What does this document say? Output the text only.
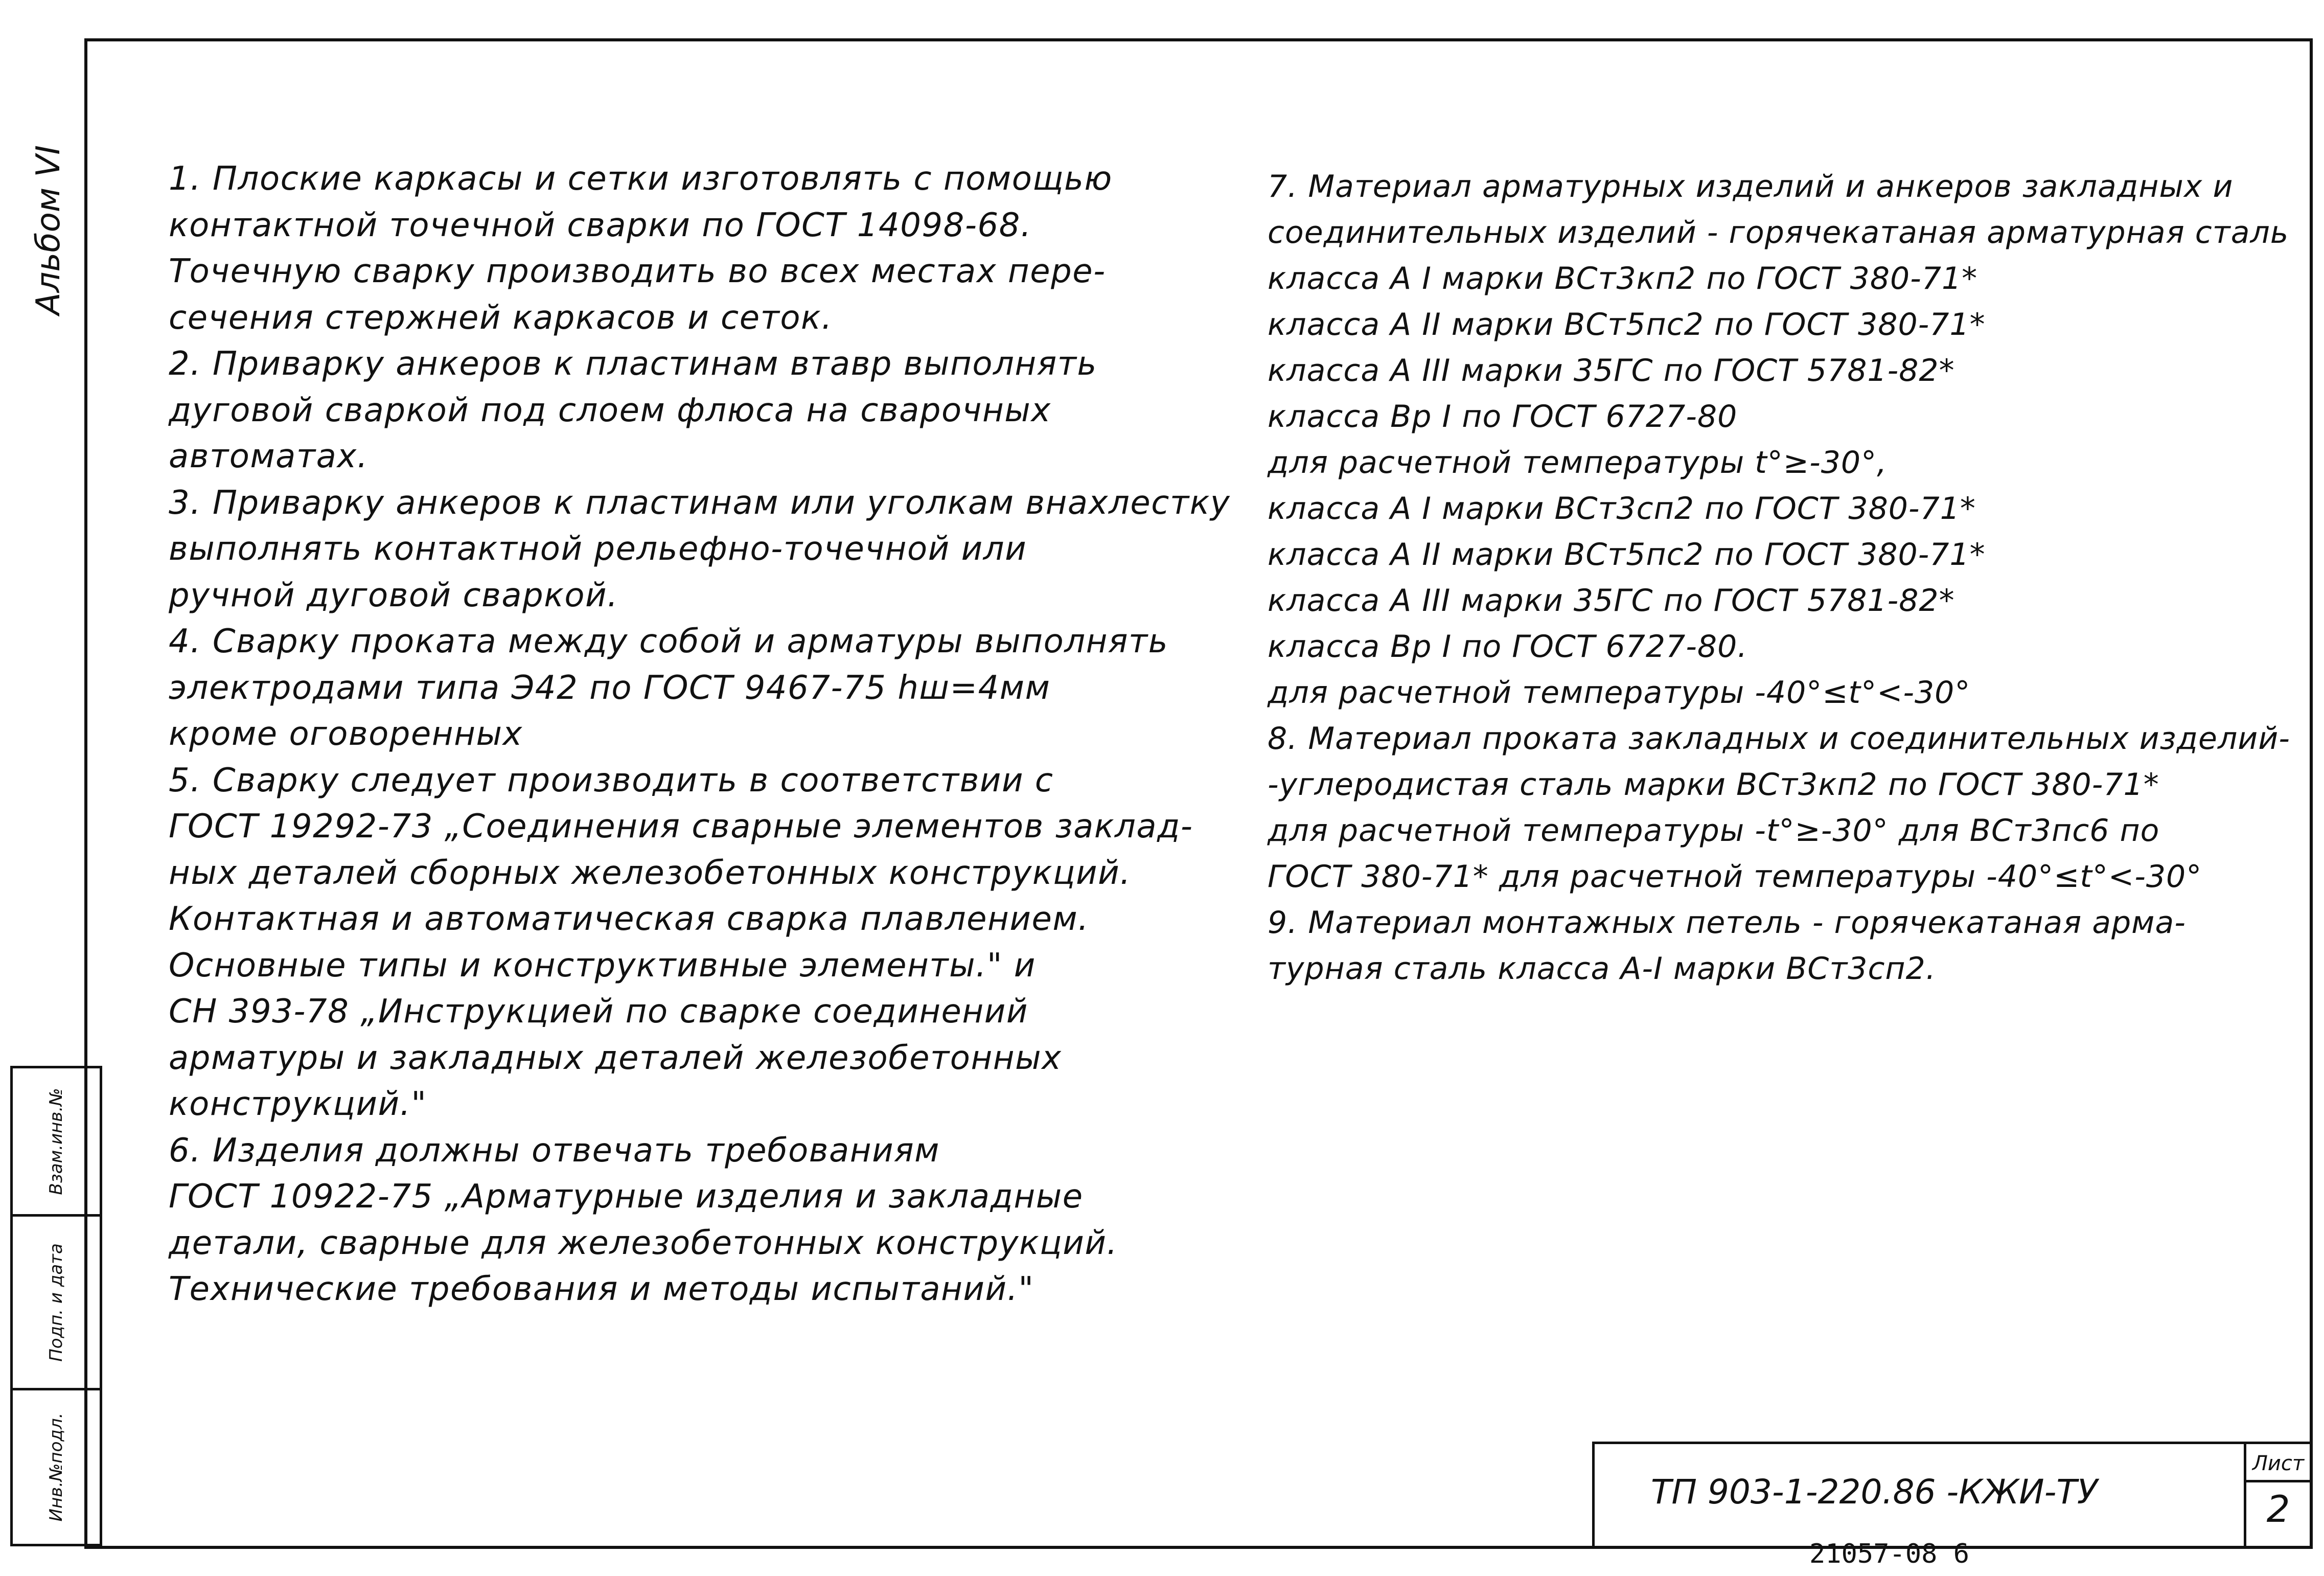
Альбом VI
Взам.инв.№
Подп. и дата
Инв.№подл.
1. Плоские каркасы и сетки изготовлять с помощью
контактной точечной сварки по ГОСТ 14098-68.
Точечную сварку производить во всех местах пере-
сечения стержней каркасов и сеток.
2. Приварку анкеров к пластинам втавр выполнять
дуговой сваркой под слоем флюса на сварочных
автоматах.
3. Приварку анкеров к пластинам или уголкам внахлестку
выполнять контактной рельефно-точечной или
ручной дуговой сваркой.
4. Сварку проката между собой и арматуры выполнять
электродами типа Э42 по ГОСТ 9467-75 hш=4мм
кроме оговоренных
5. Сварку следует производить в соответствии с
ГОСТ 19292-73 „Соединения сварные элементов заклад-
ных деталей сборных железобетонных конструкций.
Контактная и автоматическая сварка плавлением.
Основные типы и конструктивные элементы." и
СН 393-78 „Инструкцией по сварке соединений
арматуры и закладных деталей железобетонных
конструкций."
6. Изделия должны отвечать требованиям
ГОСТ 10922-75 „Арматурные изделия и закладные
детали, сварные для железобетонных конструкций.
Технические требования и методы испытаний."
7. Материал арматурных изделий и анкеров закладных и
соединительных изделий - горячекатаная арматурная сталь
класса А I марки ВСт3кп2 по ГОСТ 380-71*
класса А II марки ВСт5пс2 по ГОСТ 380-71*
класса А III марки 35ГС по ГОСТ 5781-82*
класса Вр I по ГОСТ 6727-80
для расчетной температуры t°≥-30°,
класса А I марки ВСт3сп2 по ГОСТ 380-71*
класса А II марки ВСт5пс2 по ГОСТ 380-71*
класса А III марки 35ГС по ГОСТ 5781-82*
класса Вр I по ГОСТ 6727-80.
для расчетной температуры -40°≤t°<-30°
8. Материал проката закладных и соединительных изделий-
-углеродистая сталь марки ВСт3кп2 по ГОСТ 380-71*
для расчетной температуры -t°≥-30° для ВСт3пс6 по
ГОСТ 380-71* для расчетной температуры -40°≤t°<-30°
9. Материал монтажных петель - горячекатаная арма-
турная сталь класса А-I марки ВСт3сп2.
ТП 903-1-220.86 -КЖИ-ТУ
Лист
2
21057-08 6
